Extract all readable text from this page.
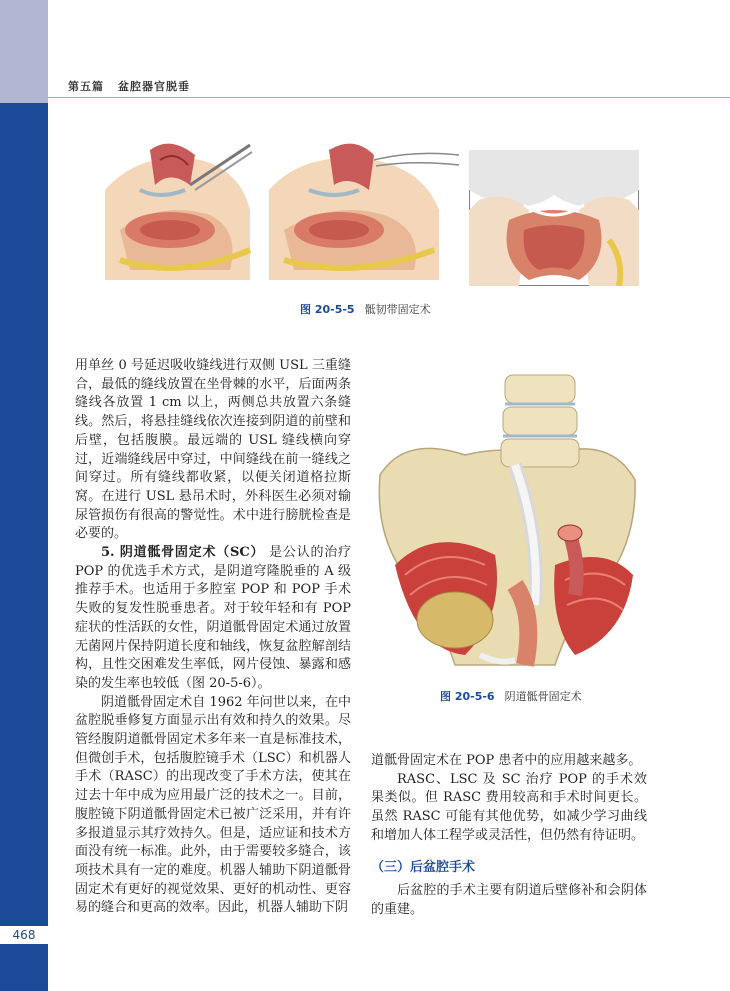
468
第五篇 盆腔器官脱垂
图 20-5-5 骶韧带固定术
图 20-5-6 阴道骶骨固定术

用单丝 0 号延迟吸收缝线进行双侧 USL 三重缝合，最低的缝线放置在坐骨棘的水平，后面两条缝线各放置 1 cm 以上，两侧总共放置六条缝线。然后，将悬挂缝线依次连接到阴道的前壁和后壁，包括腹膜。最远端的 USL 缝线横向穿过，近端缝线居中穿过，中间缝线在前一缝线之间穿过。所有缝线都收紧，以便关闭道格拉斯窝。在进行 USL 悬吊术时，外科医生必须对输尿管损伤有很高的警觉性。术中进行膀胱检查是必要的。

5. 阴道骶骨固定术（SC） 是公认的治疗 POP 的优选手术方式，是阴道穹隆脱垂的 A 级推荐手术。也适用于多腔室 POP 和 POP 手术失败的复发性脱垂患者。对于较年轻和有 POP 症状的性活跃的女性，阴道骶骨固定术通过放置无菌网片保持阴道长度和轴线，恢复盆腔解剖结构，且性交困难发生率低，网片侵蚀、暴露和感染的发生率也较低（图 20-5-6）。

阴道骶骨固定术自 1962 年问世以来，在中盆腔脱垂修复方面显示出有效和持久的效果。尽管经腹阴道骶骨固定术多年来一直是标准技术，但微创手术，包括腹腔镜手术（LSC）和机器人手术（RASC）的出现改变了手术方法，使其在过去十年中成为应用最广泛的技术之一。目前，腹腔镜下阴道骶骨固定术已被广泛采用，并有许多报道显示其疗效持久。但是，适应证和技术方面没有统一标准。此外，由于需要较多缝合，该项技术具有一定的难度。机器人辅助下阴道骶骨固定术有更好的视觉效果、更好的机动性、更容易的缝合和更高的效率。因此，机器人辅助下阴

道骶骨固定术在 POP 患者中的应用越来越多。

RASC、LSC 及 SC 治疗 POP 的手术效果类似。但 RASC 费用较高和手术时间更长。虽然 RASC 可能有其他优势，如减少学习曲线和增加人体工程学或灵活性，但仍然有待证明。

（三）后盆腔手术

后盆腔的手术主要有阴道后壁修补和会阴体的重建。
